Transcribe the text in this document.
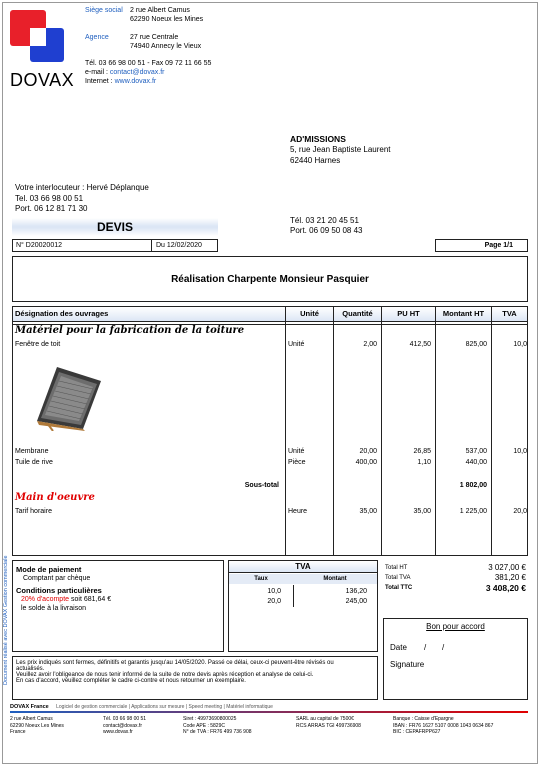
DOVAX
Siège social 2 rue Albert Camus
62290 Noeux les Mines
Agence	27 rue Centrale
74940 Annecy le Vieux
Tél. 03 66 98 00 51 - Fax 09 72 11 66 55
e-mail : contact@dovax.fr
Internet : www.dovax.fr
AD'MISSIONS
5, rue Jean Baptiste Laurent
62440 Harnes
Tél. 03 21 20 45 51
Port. 06 09 50 08 43
Votre interlocuteur : Hervé Déplanque
Tel. 03 66 98 00 51
Port. 06 12 81 71 30
DEVIS
N° D20020012	Du 12/02/2020	Page 1/1
Réalisation Charpente Monsieur Pasquier
Désignation des ouvrages	Unité	Quantité	PU HT	Montant HT	TVA
Matériel pour la fabrication de la toiture
Fenêtre de toit	Unité	2,00	412,50	825,00	10,0
Membrane	Unité	20,00	26,85	537,00	10,0
Tuile de rive	Pièce	400,00	1,10	440,00
Sous-total	1 802,00
Main d'oeuvre
Tarif horaire	Heure	35,00	35,00	1 225,00	20,0
Document réalisé avec DOVAX Gestion commerciale Mode de paiement
Comptant par chèque
Conditions particulières
20% d'acompte soit 681,64 €
le solde à la livraison
TVA
Taux	Montant
10,0	136,20
20,0	245,00
Total HT	3 027,00 €
Total TVA	381,20 €
Total TTC	3 408,20 €
Bon pour accord
Date / /
Signature
Les prix indiqués sont fermes, définitifs et garantis jusqu'au 14/05/2020. Passé ce délai, ceux-ci peuvent-être révisés ou
actualisés.
Veuillez avoir l'obligeance de nous tenir informé de la suite de notre devis après réception et analyse de celui-ci.
En cas d'accord, veuillez compléter le cadre ci-contre et nous retourner un exemplaire.
DOVAX France Logiciel de gestion commerciale | Applications sur mesure | Speed meeting | Matériel informatique
2 rue Albert Camus
62290 Noeux Les Mines
France
Tél. 03 66 98 00 51
contact@dovax.fr
www.dovax.fr
Siret : 49973690800025
Code APE : 5829C
N° de TVA : FR76 499 736 908
SARL au capital de 7500€
RCS ARRAS TGI 499736908
Banque : Caisse d'Epargne
IBAN : FR76 1627 5107 0008 1043 0634 867
BIC : CEPAFRPP627
